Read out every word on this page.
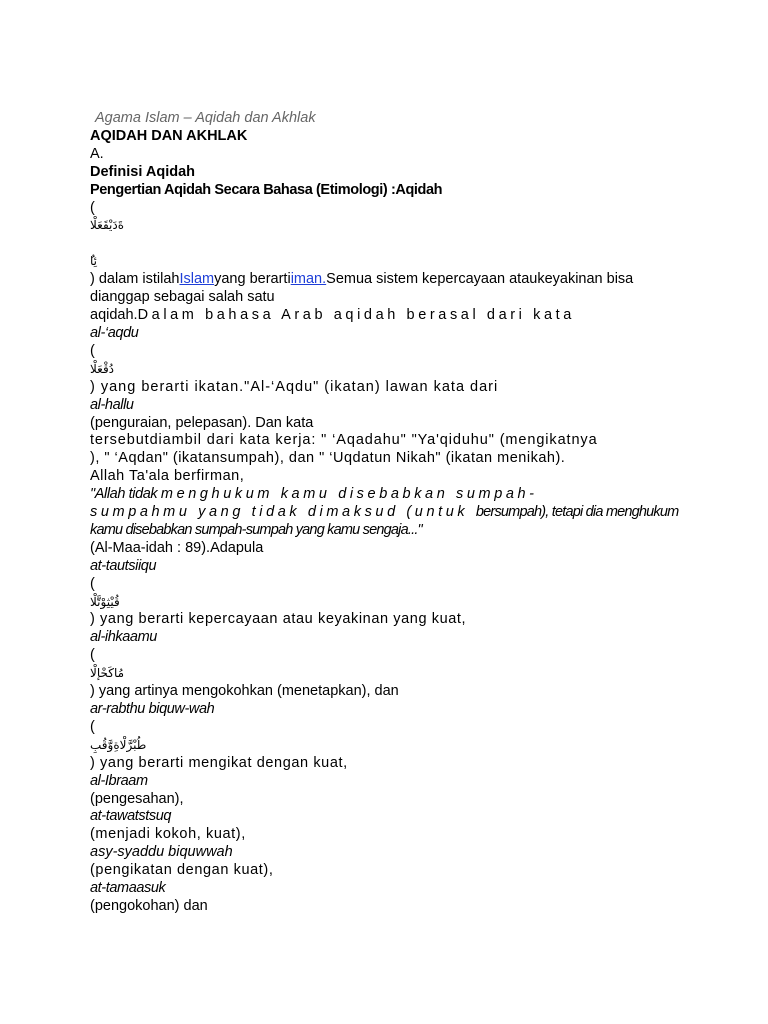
Agama Islam – Aqidah dan Akhlak
AQIDAH DAN AKHLAK
A.
Definisi Aqidah
Pengertian Aqidah Secara Bahasa (Etimologi) :Aqidah
(
ةَدَيْقَعَلْا
ُئِا
) dalam istilahIslamyang berartiiman.Semua sistem kepercayaan ataukeyakinan bisa
dianggap sebagai salah satu
aqidah.Dalam bahasa Arab aqidah berasal dari kata
al-‘aqdu
(
دُقْعَلْا
) yang berarti ikatan."Al-‘Aqdu" (ikatan) lawan kata dari
al-hallu
(penguraian, pelepasan). Dan kata
tersebutdiambil dari kata kerja: " ‘Aqadahu" "Ya'qiduhu" (mengikatnya
), " ‘Aqdan" (ikatansumpah), dan " ‘Uqdatun Nikah" (ikatan menikah).
Allah Ta'ala berfirman,
"Allah tidak menghukum kamu disebabkan sumpah-
sumpahmu yang tidak dimaksud (untuk bersumpah), tetapi dia menghukum
kamu disebabkan sumpah-sumpah yang kamu sengaja..."
(Al-Maa-idah : 89).Adapula
at-tautsiiqu
(
قُيْثِوْتَّلْا
) yang berarti kepercayaan atau keyakinan yang kuat,
al-ihkaamu
(
مُاكَحْإلْا
) yang artinya mengokohkan (menetapkan), dan
ar-rabthu biquw-wah
(
طُبْرَّلْاةِوَّقُبِ
) yang berarti mengikat dengan kuat,
al-Ibraam
(pengesahan),
at-tawatstsuq
(menjadi kokoh, kuat),
asy-syaddu biquwwah
(pengikatan dengan kuat),
at-tamaasuk
(pengokohan) dan
